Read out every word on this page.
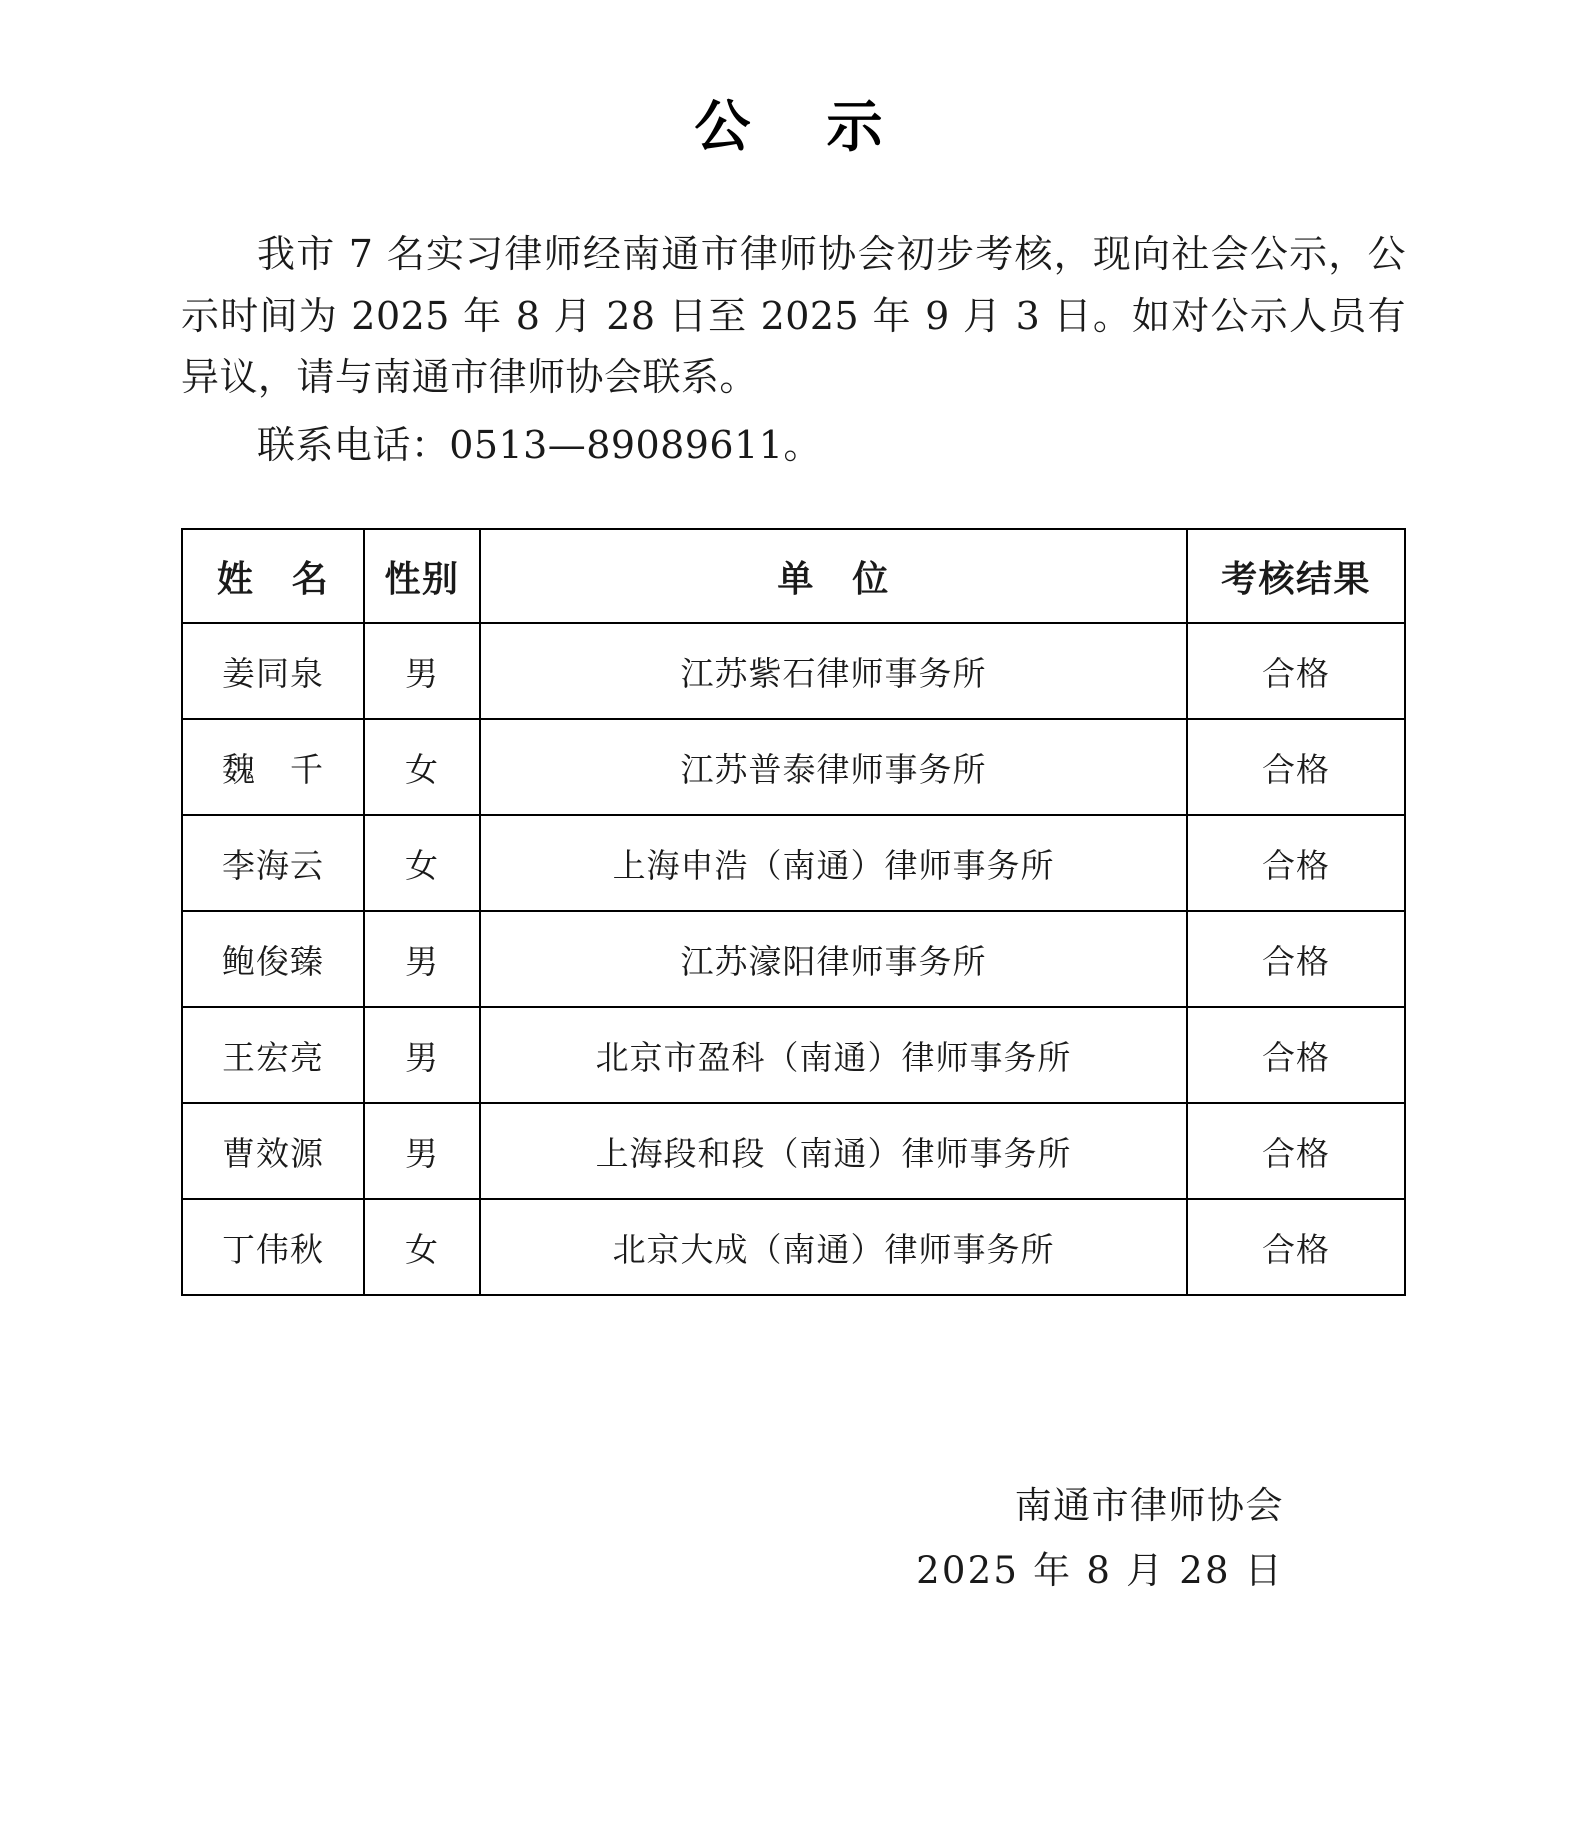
公　示

我市 7 名实习律师经南通市律师协会初步考核，现向社会公示，公示时间为 2025 年 8 月 28 日至 2025 年 9 月 3 日。如对公示人员有异议，请与南通市律师协会联系。

联系电话：0513—89089611。

姓　名	性别	单　位	考核结果
姜同泉	男	江苏紫石律师事务所	合格
魏　千	女	江苏普泰律师事务所	合格
李海云	女	上海申浩（南通）律师事务所	合格
鲍俊臻	男	江苏濠阳律师事务所	合格
王宏亮	男	北京市盈科（南通）律师事务所	合格
曹效源	男	上海段和段（南通）律师事务所	合格
丁伟秋	女	北京大成（南通）律师事务所	合格
南通市律师协会
2025 年 8 月 28 日
